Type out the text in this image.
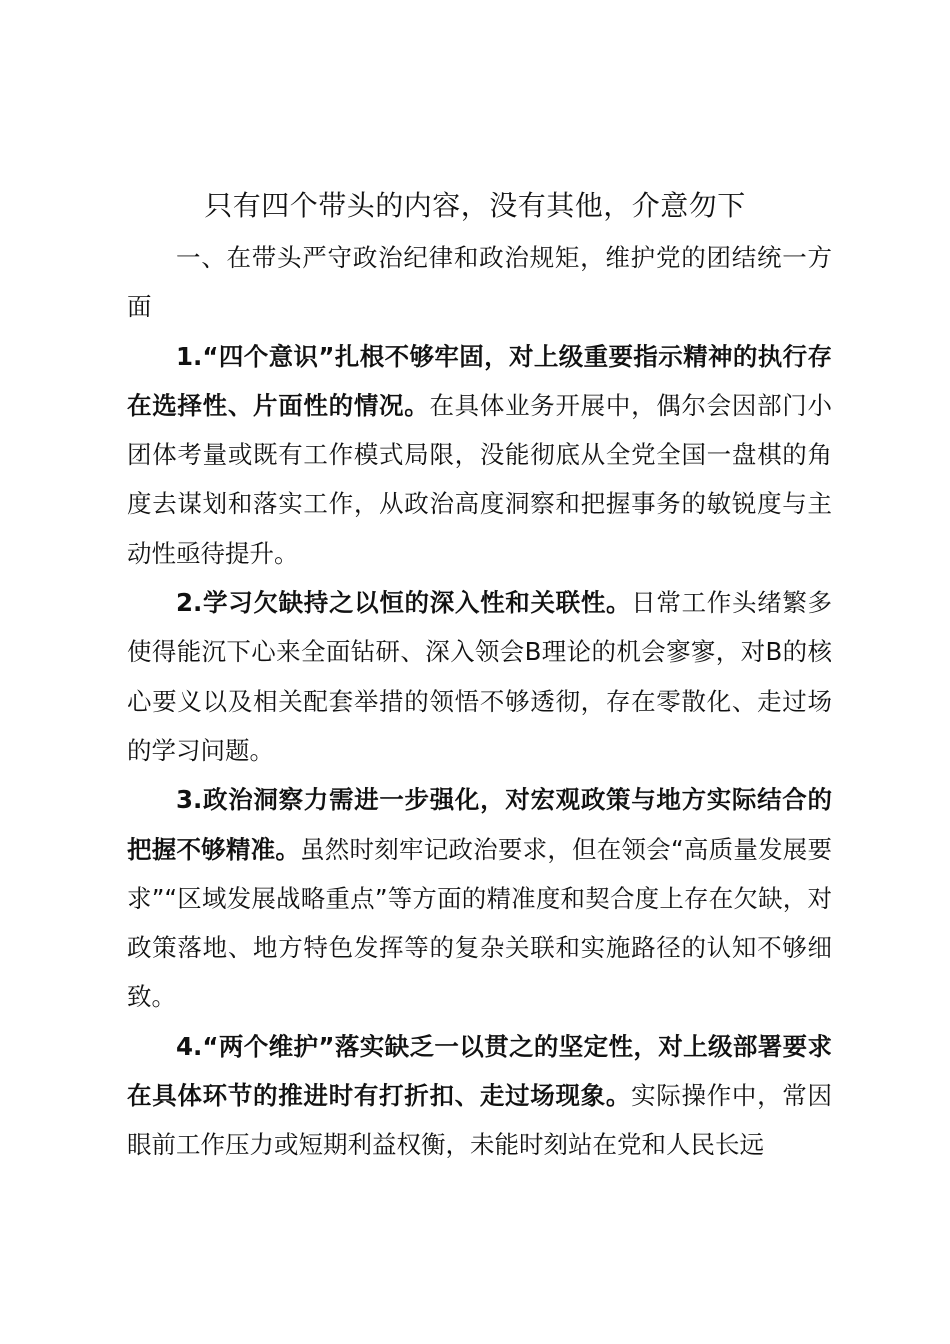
只有四个带头的内容，没有其他，介意勿下

一、在带头严守政治纪律和政治规矩，维护党的团结统一方面

1.“四个意识”扎根不够牢固，对上级重要指示精神的执行存在选择性、片面性的情况。在具体业务开展中，偶尔会因部门小团体考量或既有工作模式局限，没能彻底从全党全国一盘棋的角度去谋划和落实工作，从政治高度洞察和把握事务的敏锐度与主动性亟待提升。

2.学习欠缺持之以恒的深入性和关联性。日常工作头绪繁多使得能沉下心来全面钻研、深入领会B理论的机会寥寥，对B的核心要义以及相关配套举措的领悟不够透彻，存在零散化、走过场的学习问题。

3.政治洞察力需进一步强化，对宏观政策与地方实际结合的把握不够精准。虽然时刻牢记政治要求，但在领会“高质量发展要求”“区域发展战略重点”等方面的精准度和契合度上存在欠缺，对政策落地、地方特色发挥等的复杂关联和实施路径的认知不够细致。

4.“两个维护”落实缺乏一以贯之的坚定性，对上级部署要求在具体环节的推进时有打折扣、走过场现象。实际操作中，常因眼前工作压力或短期利益权衡，未能时刻站在党和人民长远
